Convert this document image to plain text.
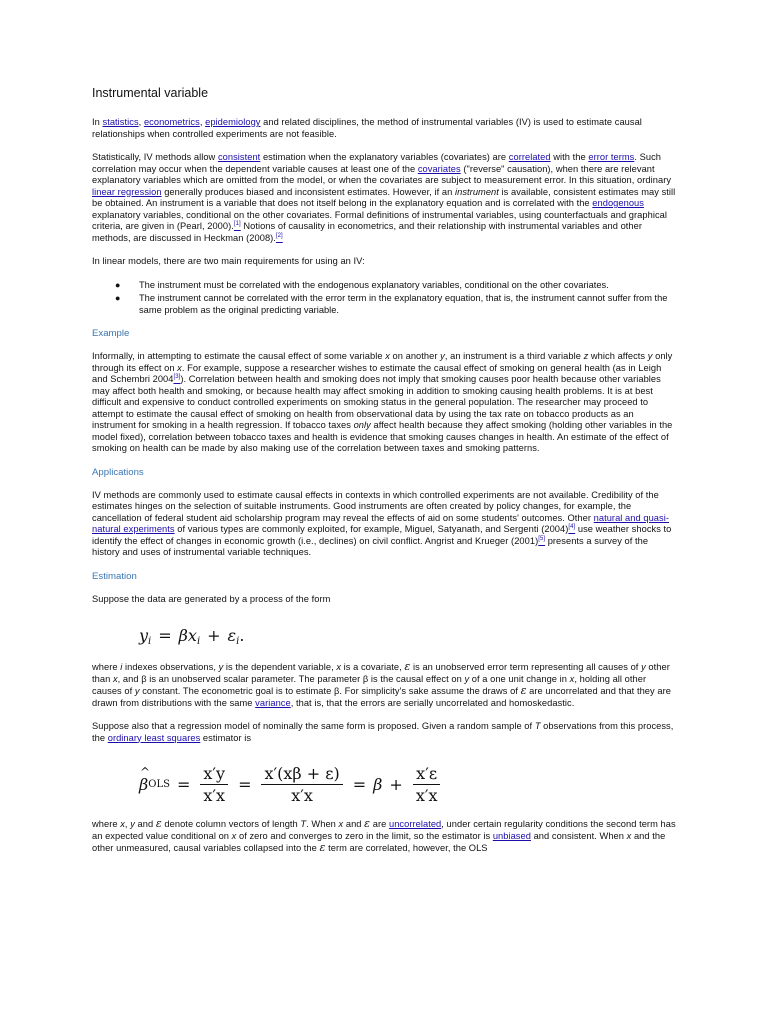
Instrumental variable

In statistics, econometrics, epidemiology and related disciplines, the method of instrumental variables (IV) is used to estimate causal relationships when controlled experiments are not feasible.

Statistically, IV methods allow consistent estimation when the explanatory variables (covariates) are correlated with the error terms. Such correlation may occur when the dependent variable causes at least one of the covariates ("reverse" causation), when there are relevant explanatory variables which are omitted from the model, or when the covariates are subject to measurement error. In this situation, ordinary linear regression generally produces biased and inconsistent estimates. However, if an instrument is available, consistent estimates may still be obtained. An instrument is a variable that does not itself belong in the explanatory equation and is correlated with the endogenous explanatory variables, conditional on the other covariates. Formal definitions of instrumental variables, using counterfactuals and graphical criteria, are given in (Pearl, 2000).[1] Notions of causality in econometrics, and their relationship with instrumental variables and other methods, are discussed in Heckman (2008).[2]

In linear models, there are two main requirements for using an IV:

● The instrument must be correlated with the endogenous explanatory variables, conditional on the other covariates.
● The instrument cannot be correlated with the error term in the explanatory equation, that is, the instrument cannot suffer from the same problem as the original predicting variable.
Example

Informally, in attempting to estimate the causal effect of some variable x on another y, an instrument is a third variable z which affects y only through its effect on x. For example, suppose a researcher wishes to estimate the causal effect of smoking on general health (as in Leigh and Schembri 2004[3]). Correlation between health and smoking does not imply that smoking causes poor health because other variables may affect both health and smoking, or because health may affect smoking in addition to smoking causing health problems. It is at best difficult and expensive to conduct controlled experiments on smoking status in the general population. The researcher may proceed to attempt to estimate the causal effect of smoking on health from observational data by using the tax rate on tobacco products as an instrument for smoking in a health regression. If tobacco taxes only affect health because they affect smoking (holding other variables in the model fixed), correlation between tobacco taxes and health is evidence that smoking causes changes in health. An estimate of the effect of smoking on health can be made by also making use of the correlation between taxes and smoking patterns.

Applications

IV methods are commonly used to estimate causal effects in contexts in which controlled experiments are not available. Credibility of the estimates hinges on the selection of suitable instruments. Good instruments are often created by policy changes, for example, the cancellation of federal student aid scholarship program may reveal the effects of aid on some students' outcomes. Other natural and quasi-natural experiments of various types are commonly exploited, for example, Miguel, Satyanath, and Sergenti (2004)[4] use weather shocks to identify the effect of changes in economic growth (i.e., declines) on civil conflict. Angrist and Krueger (2001)[5] presents a survey of the history and uses of instrumental variable techniques.

Estimation

Suppose the data are generated by a process of the form

$y_i = \beta x_i + \varepsilon_i$.

where i indexes observations, y is the dependent variable, x is a covariate, ε is an unobserved error term representing all causes of y other than x, and β is an unobserved scalar parameter. The parameter β is the causal effect on y of a one unit change in x, holding all other causes of y constant. The econometric goal is to estimate β. For simplicity's sake assume the draws of ε are uncorrelated and that they are drawn from distributions with the same variance, that is, that the errors are serially uncorrelated and homoskedastic.

Suppose also that a regression model of nominally the same form is proposed. Given a random sample of T observations from this process, the ordinary least squares estimator is

^
β OLS = $\frac{x'y}{x'x} = \frac{x'(x\beta + \varepsilon)}{x'x} = \beta + \frac{x'\varepsilon}{x'x}$

where x, y and ε denote column vectors of length T. When x and ε are uncorrelated, under certain regularity conditions the second term has an expected value conditional on x of zero and converges to zero in the limit, so the estimator is unbiased and consistent. When x and the other unmeasured, causal variables collapsed into the ε term are correlated, however, the OLS
